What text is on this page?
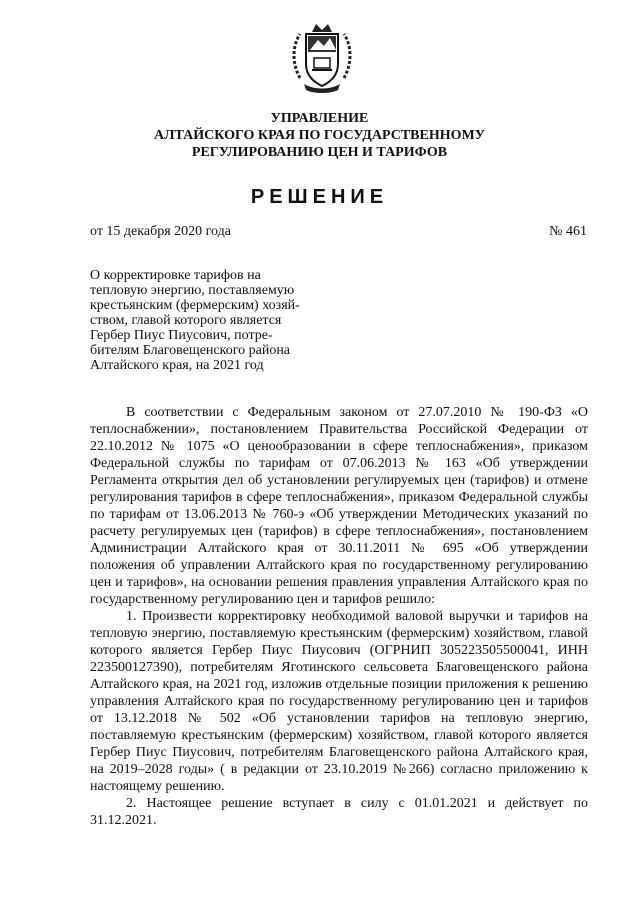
УПРАВЛЕНИЕ
АЛТАЙСКОГО КРАЯ ПО ГОСУДАРСТВЕННОМУ
РЕГУЛИРОВАНИЮ ЦЕН И ТАРИФОВ
РЕШЕНИЕ
от 15 декабря 2020 года	№ 461
О корректировке тарифов на
тепловую энергию, поставляемую
крестьянским (фермерским) хозяй-
ством, главой которого является
Гербер Пиус Пиусович, потре-
бителям Благовещенского района
Алтайского края, на 2021 год

В соответствии с Федеральным законом от 27.07.2010 № 190-ФЗ «О теплоснабжении», постановлением Правительства Российской Федерации от 22.10.2012 № 1075 «О ценообразовании в сфере теплоснабжения», приказом Федеральной службы по тарифам от 07.06.2013 № 163 «Об утверждении Регламента открытия дел об установлении регулируемых цен (тарифов) и отмене регулирования тарифов в сфере теплоснабжения», приказом Федеральной службы по тарифам от 13.06.2013 № 760-э «Об утверждении Методических указаний по расчету регулируемых цен (тарифов) в сфере теплоснабжения», постановлением Администрации Алтайского края от 30.11.2011 № 695 «Об утверждении положения об управлении Алтайского края по государственному регулированию цен и тарифов», на основании решения правления управления Алтайского края по государственному регулированию цен и тарифов решило:

1. Произвести корректировку необходимой валовой выручки и тарифов на тепловую энергию, поставляемую крестьянским (фермерским) хозяйством, главой которого является Гербер Пиус Пиусович (ОГРНИП 305223505500041, ИНН 223500127390), потребителям Яготинского сельсовета Благовещенского района Алтайского края, на 2021 год, изложив отдельные позиции приложения к решению управления Алтайского края по государственному регулированию цен и тарифов от 13.12.2018 № 502 «Об установлении тарифов на тепловую энергию, поставляемую крестьянским (фермерским) хозяйством, главой которого является Гербер Пиус Пиусович, потребителям Благовещенского района Алтайского края, на 2019–2028 годы» ( в редакции от 23.10.2019 №266) согласно приложению к настоящему решению.

2. Настоящее решение вступает в силу с 01.01.2021 и действует по 31.12.2021.
